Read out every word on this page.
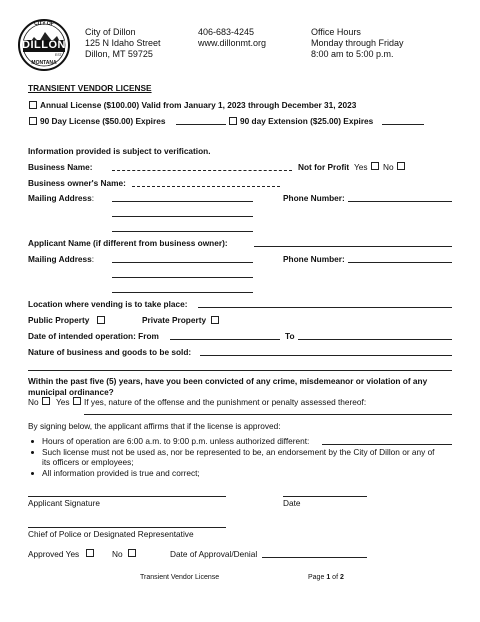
CITY OF
DILLON
MONTANA
EST.
City of Dillon
125 N Idaho Street
Dillon, MT 59725
406-683-4245
www.dillonmt.org
Office Hours
Monday through Friday
8:00 am to 5:00 p.m.
TRANSIENT VENDOR LICENSE
Annual License ($100.00) Valid from January 1, 2023 through December 31, 2023
90 Day License ($50.00) Expires	90 day Extension ($25.00) Expires
Information provided is subject to verification.
Business Name:	Not for Profit Yes No
Business owner's Name:
Mailing Address:	Phone Number:
Applicant Name (if different from business owner):
Mailing Address:	Phone Number:
Location where vending is to take place:
Public Property	Private Property
Date of intended operation: From	To
Nature of business and goods to be sold:
Within the past five (5) years, have you been convicted of any crime, misdemeanor or violation of any municipal ordinance?
No Yes If yes, nature of the offense and the punishment or penalty assessed thereof:
By signing below, the applicant affirms that if the license is approved:
Hours of operation are 6:00 a.m. to 9:00 p.m. unless authorized different:
Such license must not be used as, nor be represented to be, an endorsement by the City of Dillon or any of
its officers or employees;
All information provided is true and correct;
Applicant Signature	Date
Chief of Police or Designated Representative
Approved Yes	No	Date of Approval/Denial
Transient Vendor License	Page 1 of 2
